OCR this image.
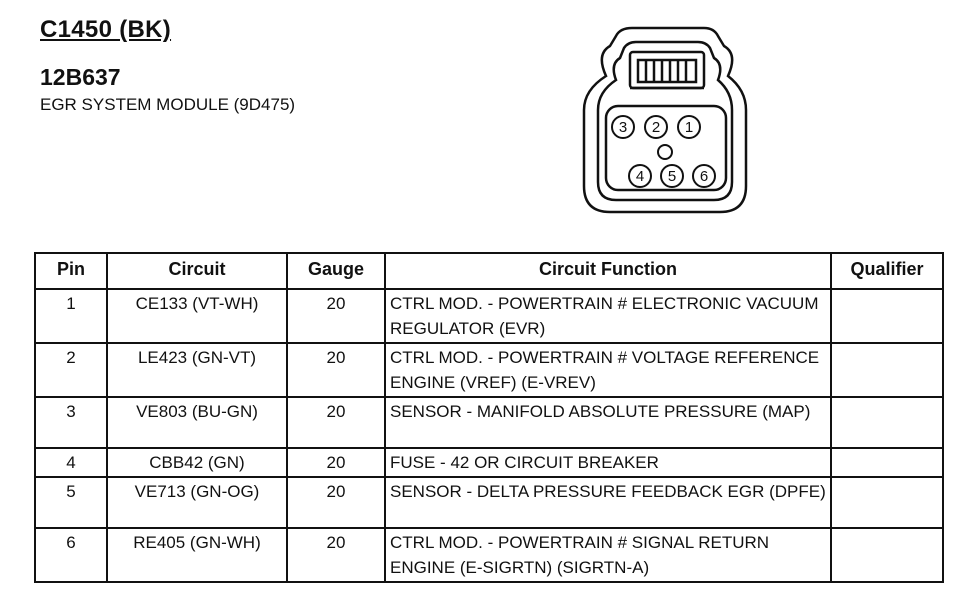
C1450 (BK)
12B637
EGR SYSTEM MODULE (9D475)
1
2
3
4 5 6
Pin	Circuit	Gauge	Circuit Function	Qualifier
1	CE133 (VT-WH)	20	CTRL MOD. - POWERTRAIN # ELECTRONIC VACUUM REGULATOR (EVR)	
2	LE423 (GN-VT)	20	CTRL MOD. - POWERTRAIN # VOLTAGE REFERENCE ENGINE (VREF) (E-VREV)	
3	VE803 (BU-GN)	20	SENSOR - MANIFOLD ABSOLUTE PRESSURE (MAP)	
4	CBB42 (GN)	20	FUSE - 42 OR CIRCUIT BREAKER	
5	VE713 (GN-OG)	20	SENSOR - DELTA PRESSURE FEEDBACK EGR (DPFE)	
6	RE405 (GN-WH)	20	CTRL MOD. - POWERTRAIN # SIGNAL RETURN ENGINE (E-SIGRTN) (SIGRTN-A)	
